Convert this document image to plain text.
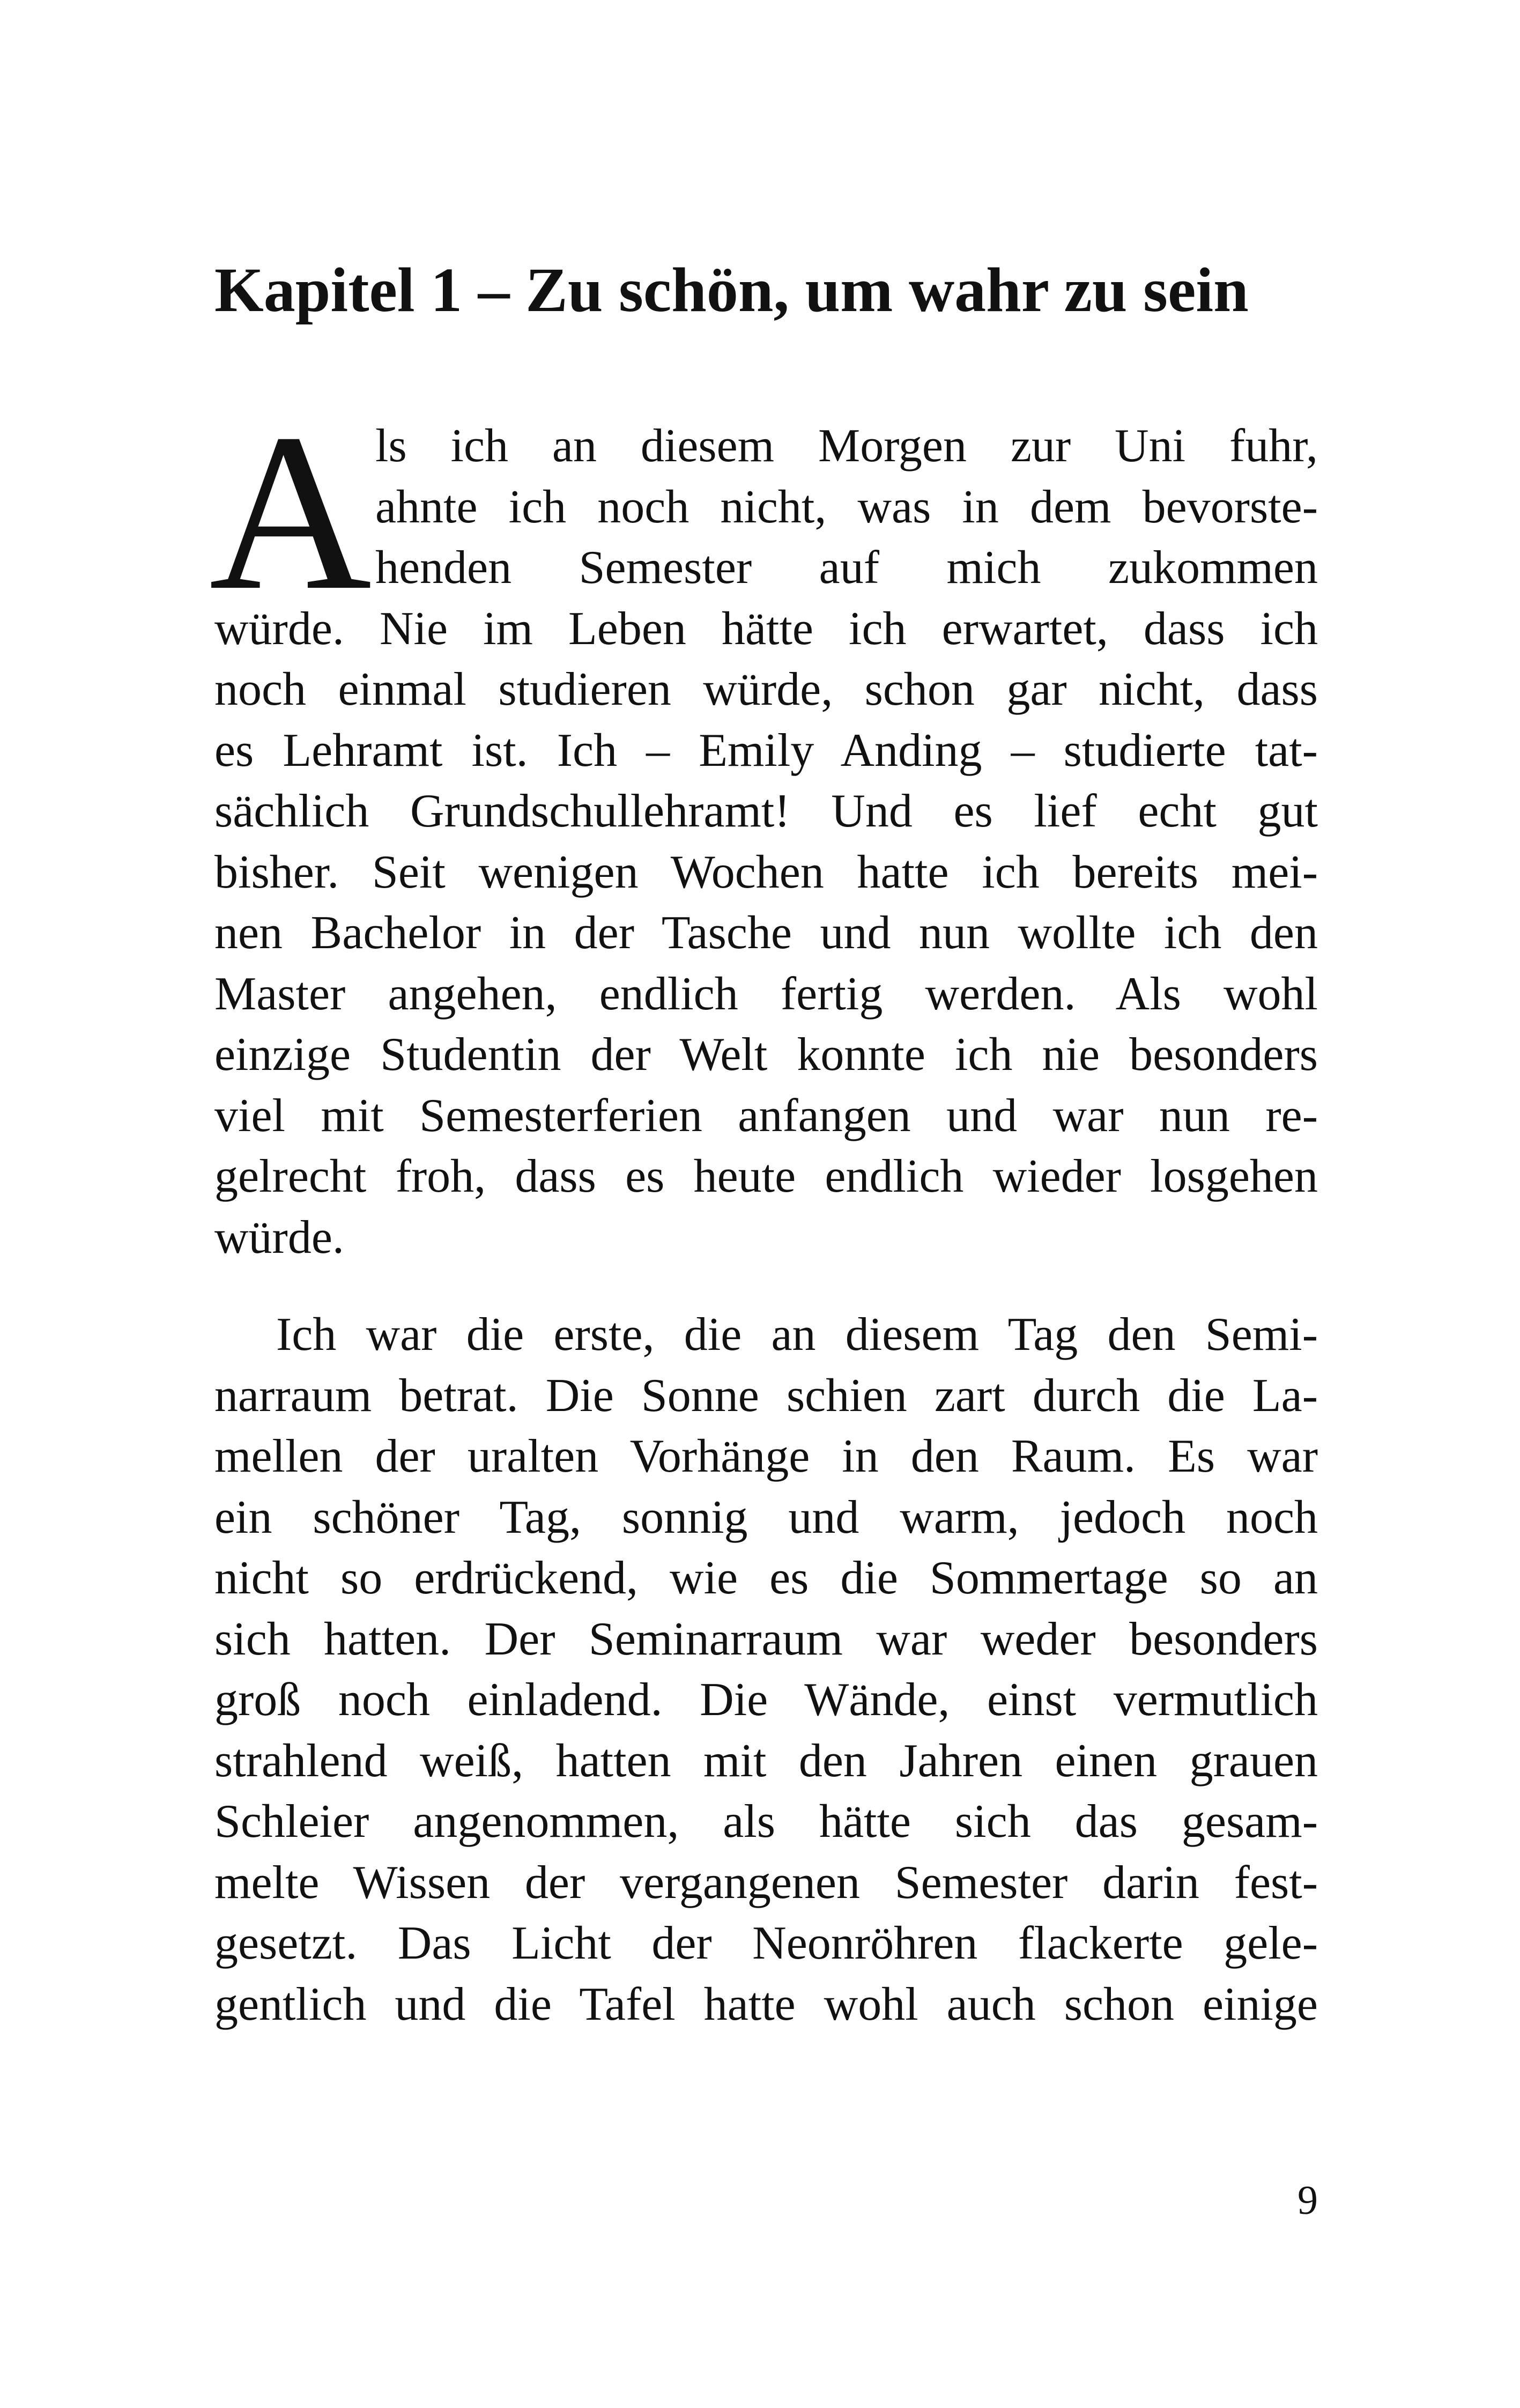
Kapitel 1 – Zu schön, um wahr zu sein
A ls ich an diesem Morgen zur Uni fuhr,
ahnte ich noch nicht, was in dem bevorste-
henden Semester auf mich zukommen
würde. Nie im Leben hätte ich erwartet, dass ich
noch einmal studieren würde, schon gar nicht, dass
es Lehramt ist. Ich – Emily Anding – studierte tat-
sächlich Grundschullehramt! Und es lief echt gut
bisher. Seit wenigen Wochen hatte ich bereits mei-
nen Bachelor in der Tasche und nun wollte ich den
Master angehen, endlich fertig werden. Als wohl
einzige Studentin der Welt konnte ich nie besonders
viel mit Semesterferien anfangen und war nun re-
gelrecht froh, dass es heute endlich wieder losgehen
würde.
Ich war die erste, die an diesem Tag den Semi-
narraum betrat. Die Sonne schien zart durch die La-
mellen der uralten Vorhänge in den Raum. Es war
ein schöner Tag, sonnig und warm, jedoch noch
nicht so erdrückend, wie es die Sommertage so an
sich hatten. Der Seminarraum war weder besonders
groß noch einladend. Die Wände, einst vermutlich
strahlend weiß, hatten mit den Jahren einen grauen
Schleier angenommen, als hätte sich das gesam-
melte Wissen der vergangenen Semester darin fest-
gesetzt. Das Licht der Neonröhren flackerte gele-
gentlich und die Tafel hatte wohl auch schon einige
9
